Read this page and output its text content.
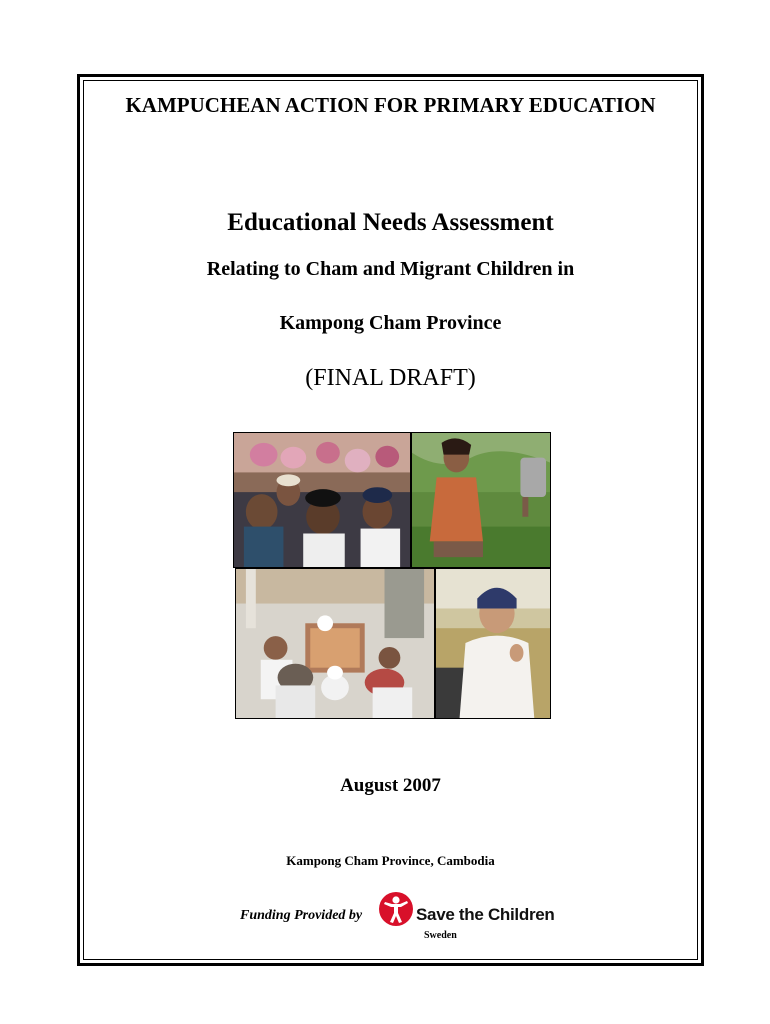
KAMPUCHEAN ACTION FOR PRIMARY EDUCATION
Educational Needs Assessment
Relating to Cham and Migrant Children in
Kampong Cham Province
(FINAL DRAFT)
August 2007
Kampong Cham Province, Cambodia
Funding Provided by	Save the Children
Sweden
